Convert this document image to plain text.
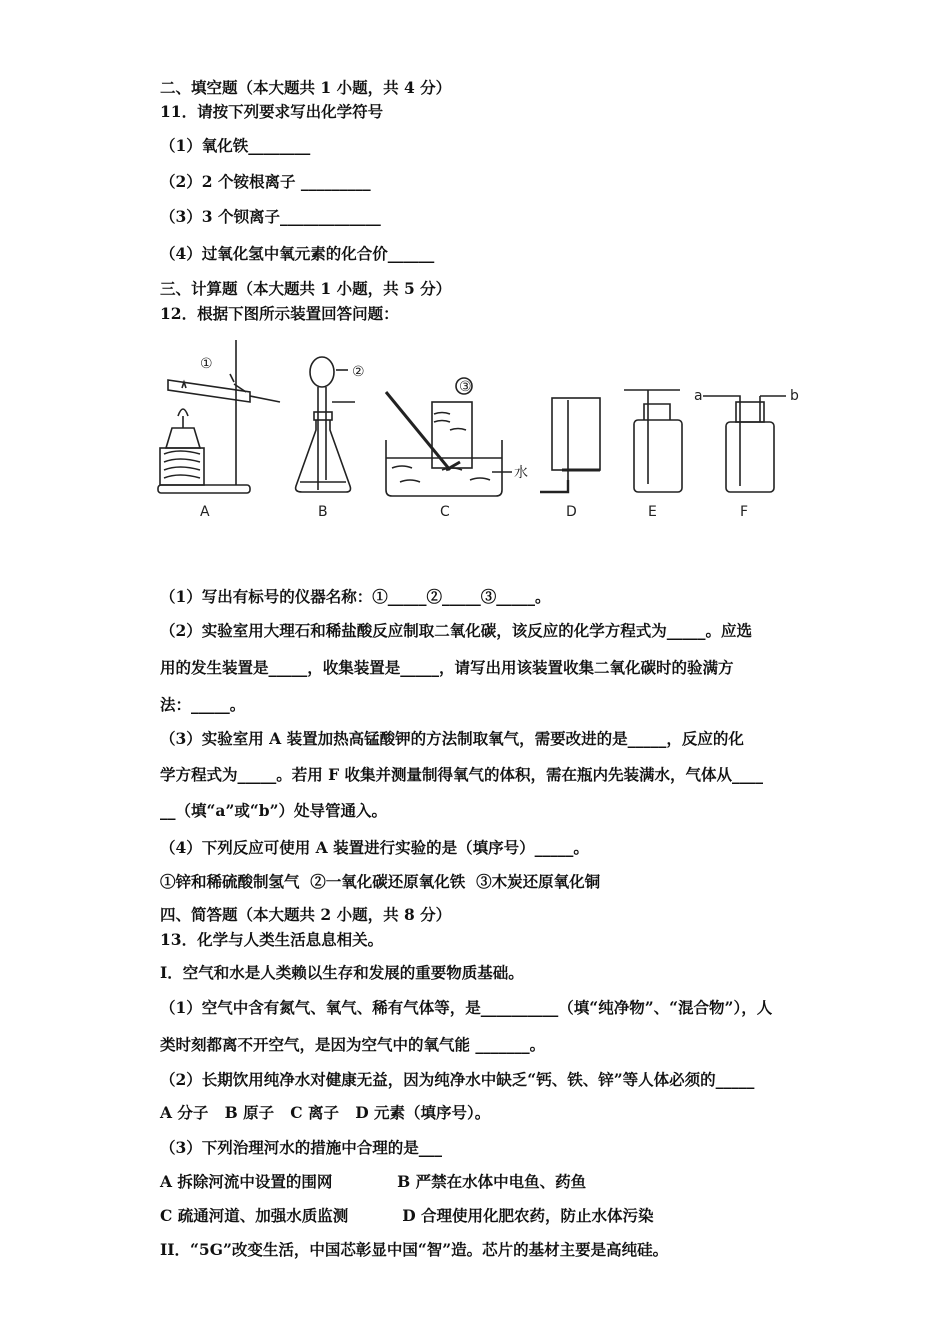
二、填空题（本大题共 1 小题，共 4 分）
11．请按下列要求写出化学符号
（1）氧化铁________
（2）2 个铵根离子 _________
（3）3 个钡离子_____________
（4）过氧化氢中氧元素的化合价______
三、计算题（本大题共 1 小题，共 5 分）
12．根据下图所示装置回答问题：
①	②
③
水
a	b
A	B	C	D	E	F
（1）写出有标号的仪器名称：①_____②_____③_____。
（2）实验室用大理石和稀盐酸反应制取二氧化碳，该反应的化学方程式为_____。应选
用的发生装置是_____，收集装置是_____，请写出用该装置收集二氧化碳时的验满方
法：_____。
（3）实验室用 A 装置加热高锰酸钾的方法制取氧气，需要改进的是_____，反应的化
学方程式为_____。若用 F 收集并测量制得氧气的体积，需在瓶内先装满水，气体从____
__（填“a”或“b”）处导管通入。
（4）下列反应可使用 A 装置进行实验的是（填序号）_____。
①锌和稀硫酸制氢气  ②一氧化碳还原氧化铁  ③木炭还原氧化铜
四、简答题（本大题共 2 小题，共 8 分）
13．化学与人类生活息息相关。
I．空气和水是人类赖以生存和发展的重要物质基础。
（1）空气中含有氮气、氧气、稀有气体等，是__________（填“纯净物”、“混合物”），人
类时刻都离不开空气，是因为空气中的氧气能 _______。
（2）长期饮用纯净水对健康无益，因为纯净水中缺乏“钙、铁、锌”等人体必须的_____
A 分子   B 原子   C 离子   D 元素（填序号）。
（3）下列治理河水的措施中合理的是___
A 拆除河流中设置的围网            B 严禁在水体中电鱼、药鱼
C 疏通河道、加强水质监测          D 合理使用化肥农药，防止水体污染
II．“5G”改变生活，中国芯彰显中国“智”造。芯片的基材主要是高纯硅。
